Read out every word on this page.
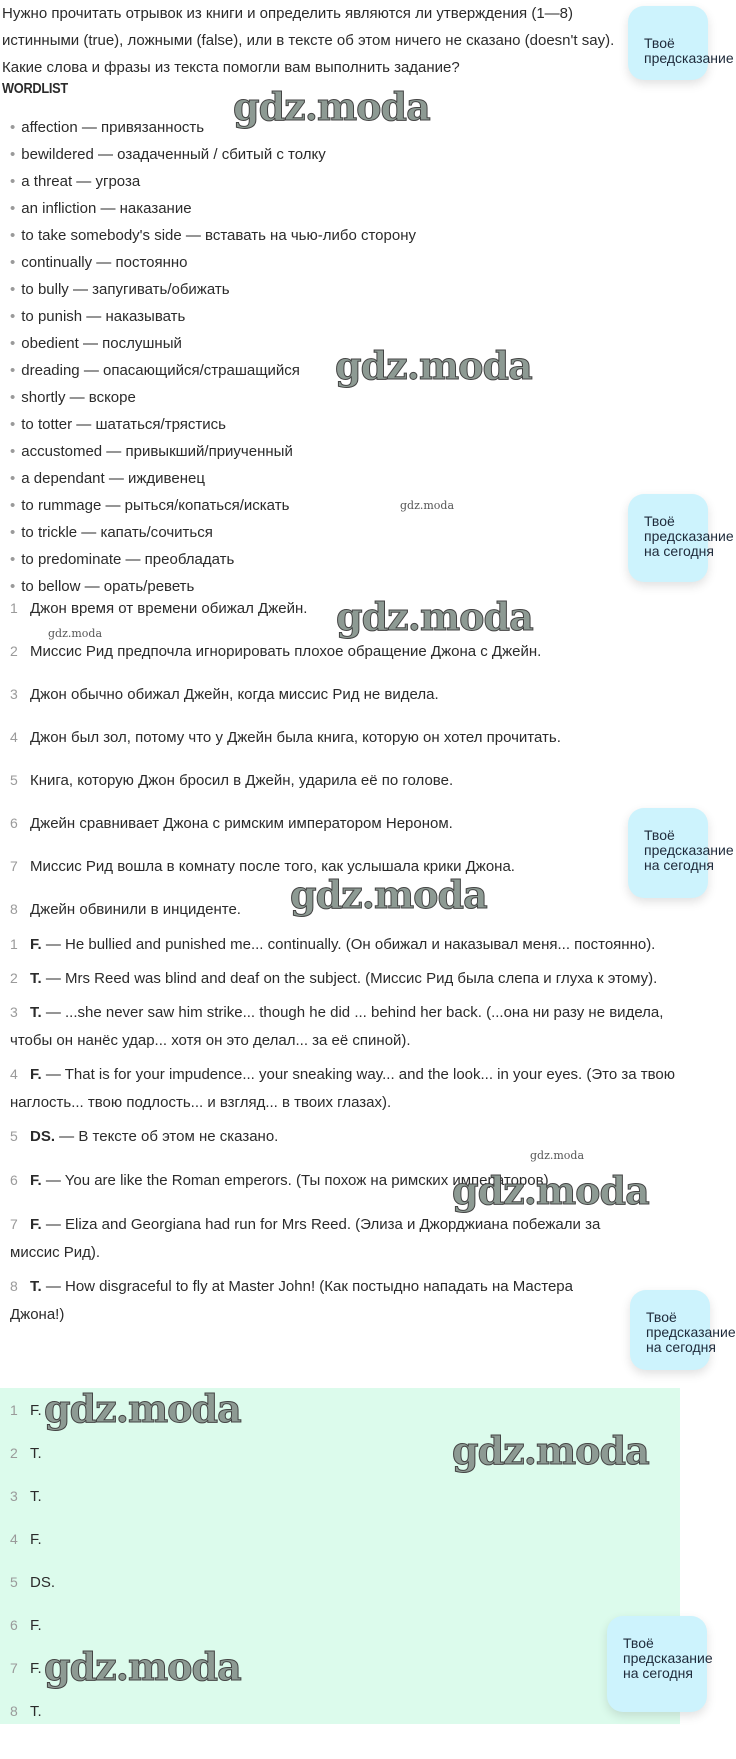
Нужно прочитать отрывок из книги и определить являются ли утверждения (1—8)
истинными (true), ложными (false), или в тексте об этом ничего не сказано (doesn't say).
Какие слова и фразы из текста помогли вам выполнить задание?
WORDLIST
• affection — привязанность
• bewildered — озадаченный / сбитый с толку
• a threat — угроза
• an infliction — наказание
• to take somebody's side — вставать на чью-либо сторону
• continually — постоянно
• to bully — запугивать/обижать
• to punish — наказывать
• obedient — послушный
• dreading — опасающийся/страшащийся
• shortly — вскоре
• to totter — шататься/трястись
• accustomed — привыкший/приученный
• a dependant — иждивенец
• to rummage — рыться/копаться/искать
• to trickle — капать/сочиться
• to predominate — преобладать
• to bellow — орать/реветь
1 Джон время от времени обижал Джейн.
2 Миссис Рид предпочла игнорировать плохое обращение Джона с Джейн.
3 Джон обычно обижал Джейн, когда миссис Рид не видела.
4 Джон был зол, потому что у Джейн была книга, которую он хотел прочитать.
5 Книга, которую Джон бросил в Джейн, ударила её по голове.
6 Джейн сравнивает Джона с римским императором Нероном.
7 Миссис Рид вошла в комнату после того, как услышала крики Джона.
8 Джейн обвинили в инциденте.
1 F. — He bullied and punished me... continually. (Он обижал и наказывал меня... постоянно).
2 T. — Mrs Reed was blind and deaf on the subject. (Миссис Рид была слепа и глуха к этому).
3 T. — ...she never saw him strike... though he did ... behind her back. (...она ни разу не видела, чтобы он нанёс удар... хотя он это делал... за её спиной).
4 F. — That is for your impudence... your sneaking way... and the look... in your eyes. (Это за твою наглость... твою подлость... и взгляд... в твоих глазах).
5 DS. — В тексте об этом не сказано.
6 F. — You are like the Roman emperors. (Ты похож на римских императоров).
7 F. — Eliza and Georgiana had run for Mrs Reed. (Элиза и Джорджиана побежали за миссис Рид).
8 T. — How disgraceful to fly at Master John! (Как постыдно нападать на Мастера Джона!)
1 F.
2 T.
3 T.
4 F.
5 DS.
6 F.
7 F.
8 T.
Твоё
предсказание
Твоё
предсказание
на сегодня
Твоё
предсказание
на сегодня
Твоё
предсказание
на сегодня
Твоё
предсказание
на сегодня
gdz.moda
gdz.moda
gdz.moda
gdz.moda
gdz.moda
gdz.moda
gdz.moda
gdz.moda
gdz.moda
gdz.moda
gdz.moda
